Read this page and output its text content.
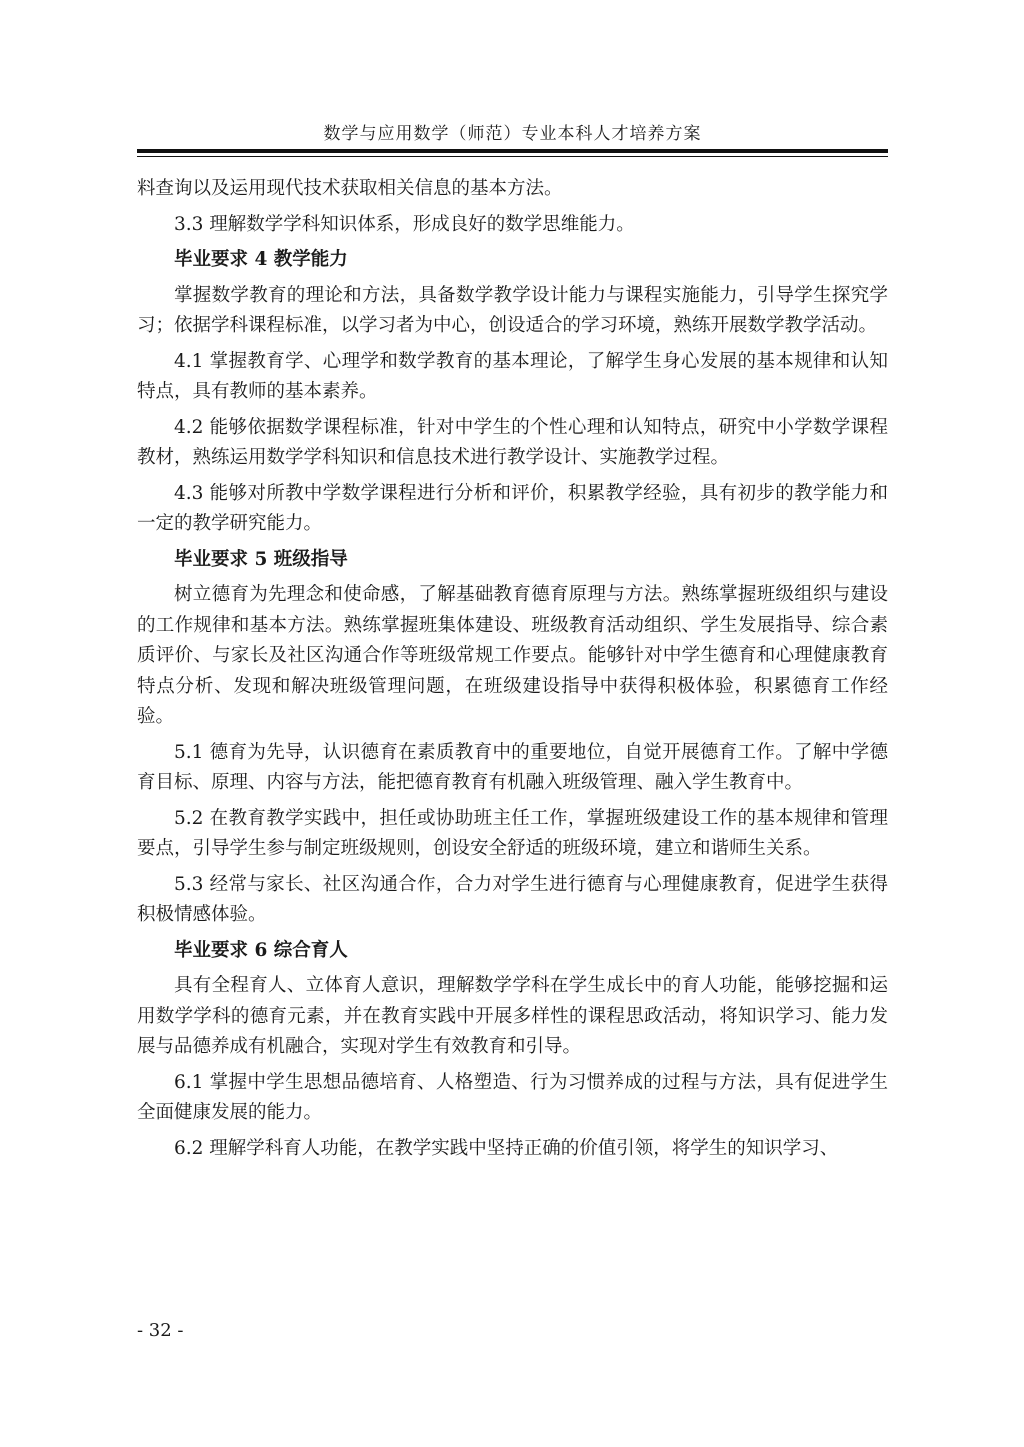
数学与应用数学（师范）专业本科人才培养方案

料查询以及运用现代技术获取相关信息的基本方法。

3.3 理解数学学科知识体系，形成良好的数学思维能力。

毕业要求 4 教学能力

掌握数学教育的理论和方法，具备数学教学设计能力与课程实施能力，引导学生探究学习；依据学科课程标准，以学习者为中心，创设适合的学习环境，熟练开展数学教学活动。

4.1 掌握教育学、心理学和数学教育的基本理论，了解学生身心发展的基本规律和认知特点，具有教师的基本素养。

4.2 能够依据数学课程标准，针对中学生的个性心理和认知特点，研究中小学数学课程教材，熟练运用数学学科知识和信息技术进行教学设计、实施教学过程。

4.3 能够对所教中学数学课程进行分析和评价，积累教学经验，具有初步的教学能力和一定的教学研究能力。

毕业要求 5 班级指导

树立德育为先理念和使命感，了解基础教育德育原理与方法。熟练掌握班级组织与建设的工作规律和基本方法。熟练掌握班集体建设、班级教育活动组织、学生发展指导、综合素质评价、与家长及社区沟通合作等班级常规工作要点。能够针对中学生德育和心理健康教育特点分析、发现和解决班级管理问题，在班级建设指导中获得积极体验，积累德育工作经验。

5.1 德育为先导，认识德育在素质教育中的重要地位，自觉开展德育工作。了解中学德育目标、原理、内容与方法，能把德育教育有机融入班级管理、融入学生教育中。

5.2 在教育教学实践中，担任或协助班主任工作，掌握班级建设工作的基本规律和管理要点，引导学生参与制定班级规则，创设安全舒适的班级环境，建立和谐师生关系。

5.3 经常与家长、社区沟通合作，合力对学生进行德育与心理健康教育，促进学生获得积极情感体验。

毕业要求 6 综合育人

具有全程育人、立体育人意识，理解数学学科在学生成长中的育人功能，能够挖掘和运用数学学科的德育元素，并在教育实践中开展多样性的课程思政活动，将知识学习、能力发展与品德养成有机融合，实现对学生有效教育和引导。

6.1 掌握中学生思想品德培育、人格塑造、行为习惯养成的过程与方法，具有促进学生全面健康发展的能力。

6.2 理解学科育人功能，在教学实践中坚持正确的价值引领，将学生的知识学习、

- 32 -
